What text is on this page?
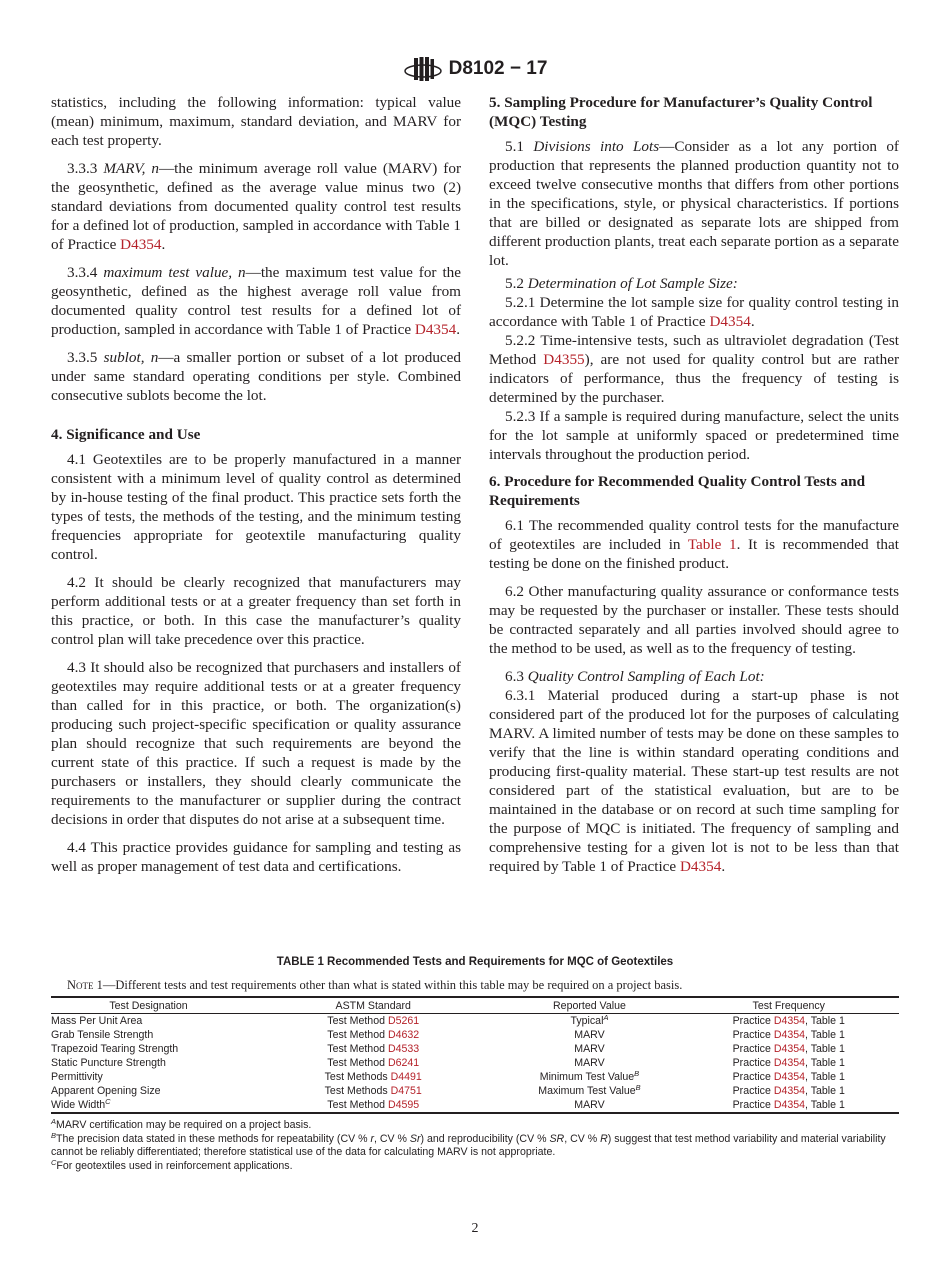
D8102 − 17

statistics, including the following information: typical value (mean) minimum, maximum, standard deviation, and MARV for each test property.

3.3.3 MARV, n—the minimum average roll value (MARV) for the geosynthetic, defined as the average value minus two (2) standard deviations from documented quality control test results for a defined lot of production, sampled in accordance with Table 1 of Practice D4354.

3.3.4 maximum test value, n—the maximum test value for the geosynthetic, defined as the highest average roll value from documented quality control test results for a defined lot of production, sampled in accordance with Table 1 of Practice D4354.

3.3.5 sublot, n—a smaller portion or subset of a lot produced under same standard operating conditions per style. Combined consecutive sublots become the lot.

4. Significance and Use

4.1 Geotextiles are to be properly manufactured in a manner consistent with a minimum level of quality control as determined by in-house testing of the final product. This practice sets forth the types of tests, the methods of the testing, and the minimum testing frequencies appropriate for geotextile manufacturing quality control.

4.2 It should be clearly recognized that manufacturers may perform additional tests or at a greater frequency than set forth in this practice, or both. In this case the manufacturer’s quality control plan will take precedence over this practice.

4.3 It should also be recognized that purchasers and installers of geotextiles may require additional tests or at a greater frequency than called for in this practice, or both. The organization(s) producing such project-specific specification or quality assurance plan should recognize that such requirements are beyond the current state of this practice. If such a request is made by the purchasers or installers, they should clearly communicate the requirements to the manufacturer or supplier during the contract decisions in order that disputes do not arise at a subsequent time.

4.4 This practice provides guidance for sampling and testing as well as proper management of test data and certifications.

5. Sampling Procedure for Manufacturer’s Quality Control (MQC) Testing

5.1 Divisions into Lots—Consider as a lot any portion of production that represents the planned production quantity not to exceed twelve consecutive months that differs from other portions in the specifications, style, or physical characteristics. If portions that are billed or designated as separate lots are shipped from different production plants, treat each separate portion as a separate lot.

5.2 Determination of Lot Sample Size:

5.2.1 Determine the lot sample size for quality control testing in accordance with Table 1 of Practice D4354.

5.2.2 Time-intensive tests, such as ultraviolet degradation (Test Method D4355), are not used for quality control but are rather indicators of performance, thus the frequency of testing is determined by the purchaser.

5.2.3 If a sample is required during manufacture, select the units for the lot sample at uniformly spaced or predetermined time intervals throughout the production period.

6. Procedure for Recommended Quality Control Tests and Requirements

6.1 The recommended quality control tests for the manufacture of geotextiles are included in Table 1. It is recommended that testing be done on the finished product.

6.2 Other manufacturing quality assurance or conformance tests may be requested by the purchaser or installer. These tests should be contracted separately and all parties involved should agree to the method to be used, as well as to the frequency of testing.

6.3 Quality Control Sampling of Each Lot:

6.3.1 Material produced during a start-up phase is not considered part of the produced lot for the purposes of calculating MARV. A limited number of tests may be done on these samples to verify that the line is within standard operating conditions and producing first-quality material. These start-up test results are not considered part of the statistical evaluation, but are to be maintained in the database or on record at such time sampling for the purpose of MQC is initiated. The frequency of sampling and comprehensive testing for a given lot is not to be less than that required by Table 1 of Practice D4354.

TABLE 1 Recommended Tests and Requirements for MQC of Geotextiles
Note 1—Different tests and test requirements other than what is stated within this table may be required on a project basis.
Test Designation	ASTM Standard	Reported Value	Test Frequency
Mass Per Unit Area	Test Method D5261	Typical$^A$	Practice D4354, Table 1
Grab Tensile Strength	Test Method D4632	MARV	Practice D4354, Table 1
Trapezoid Tearing Strength	Test Method D4533	MARV	Practice D4354, Table 1
Static Puncture Strength	Test Method D6241	MARV	Practice D4354, Table 1
Permittivity	Test Methods D4491	Minimum Test Value$^B$	Practice D4354, Table 1
Apparent Opening Size	Test Methods D4751	Maximum Test Value$^B$	Practice D4354, Table 1
Wide Width$^C$	Test Method D4595	MARV	Practice D4354, Table 1
$^A$MARV certification may be required on a project basis.
$^B$The precision data stated in these methods for repeatability (CV % r, CV % Sr) and reproducibility (CV % SR, CV % R) suggest that test method variability and material variability cannot be reliably differentiated; therefore statistical use of the data for calculating MARV is not appropriate.
$^C$For geotextiles used in reinforcement applications.
2
